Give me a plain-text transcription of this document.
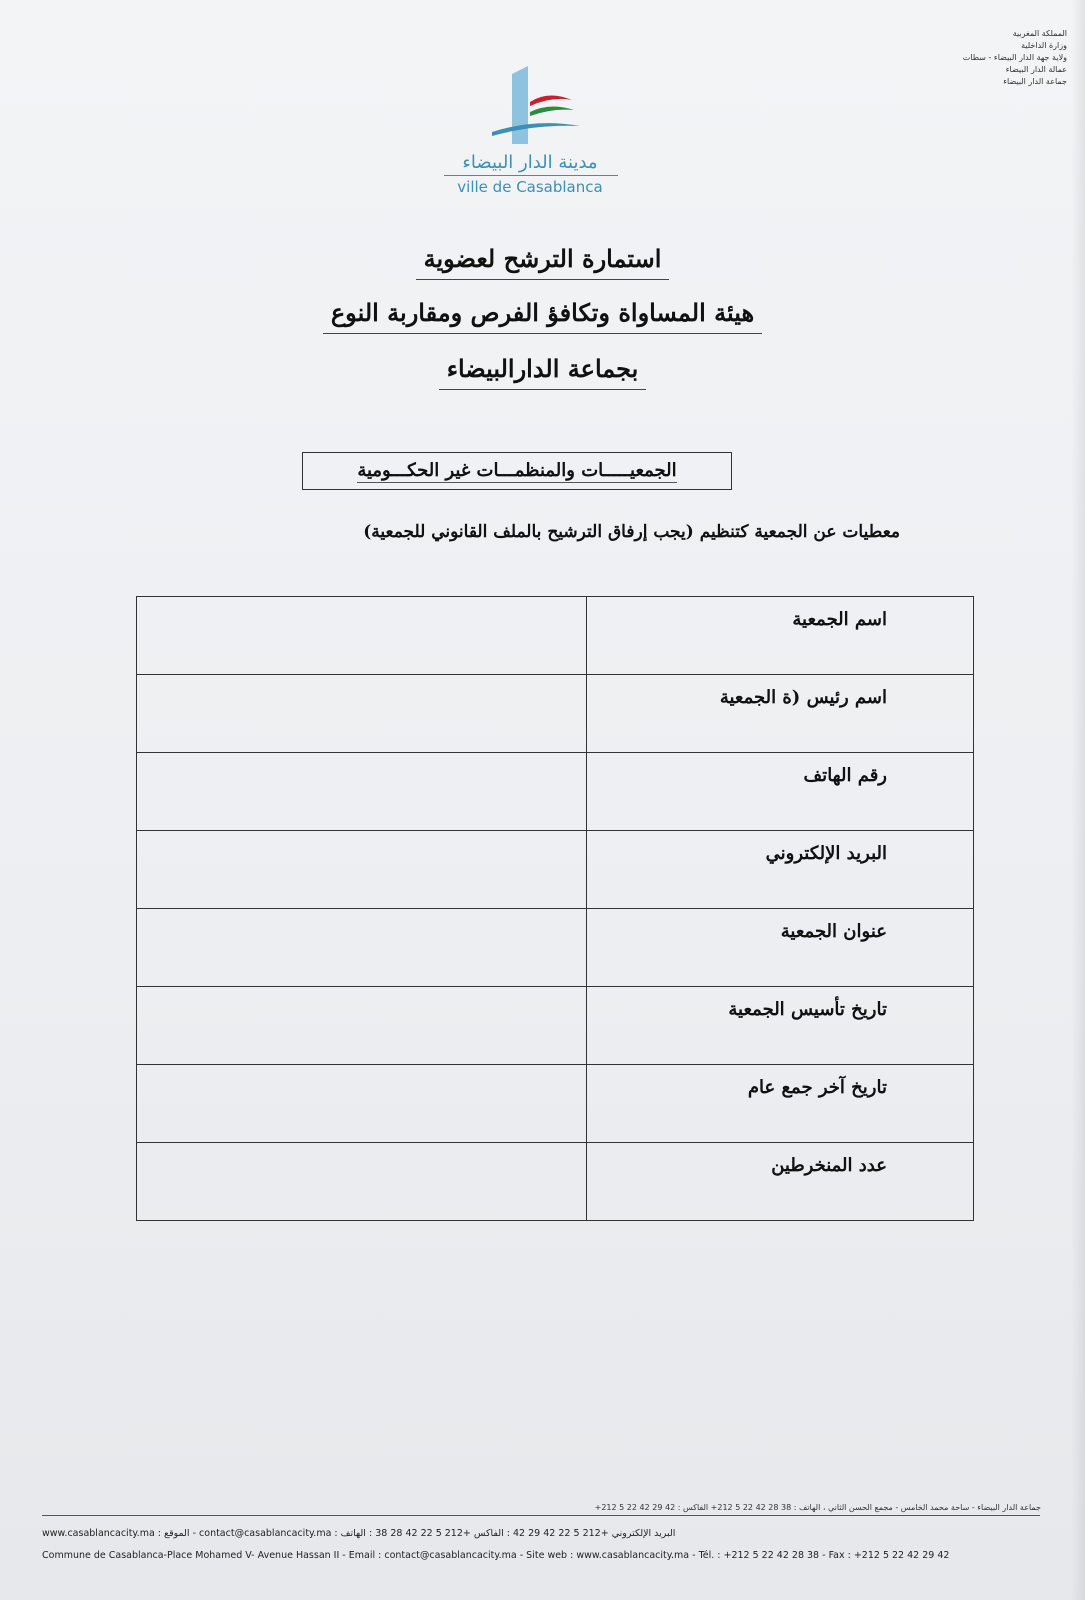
المملكة المغربية
وزارة الداخلية
ولاية جهة الدار البيضاء - سطات
عمالة الدار البيضاء
جماعة الدار البيضاء
مدينة الدار البيضاء
ville de Casablanca
استمارة الترشح لعضوية
هيئة المساواة وتكافؤ الفرص ومقاربة النوع
بجماعة الدارالبيضاء
الجمعيـــــات والمنظمـــات غير الحكـــومية
معطيات عن الجمعية كتنظيم (يجب إرفاق الترشيح بالملف القانوني للجمعية)
اسم الجمعية	
اسم رئيس (ة الجمعية	
رقم الهاتف	
البريد الإلكتروني	
عنوان الجمعية	
تاريخ تأسيس الجمعية	
تاريخ آخر جمع عام	
عدد المنخرطين	
جماعة الدار البيضاء - ساحة محمد الخامس - مجمع الحسن الثاني ، الهاتف : 38 28 42 22 5 212+ الفاكس : 42 29 42 22 5 212+
www.casablancacity.ma : الموقع - contact@casablancacity.ma : البريد الإلكتروني +212 5 22 42 29 42 : الفاكس +212 5 22 42 28 38 : الهاتف
Commune de Casablanca-Place Mohamed V- Avenue Hassan II - Email : contact@casablancacity.ma - Site web : www.casablancacity.ma - Tél. : +212 5 22 42 28 38 - Fax : +212 5 22 42 29 42
